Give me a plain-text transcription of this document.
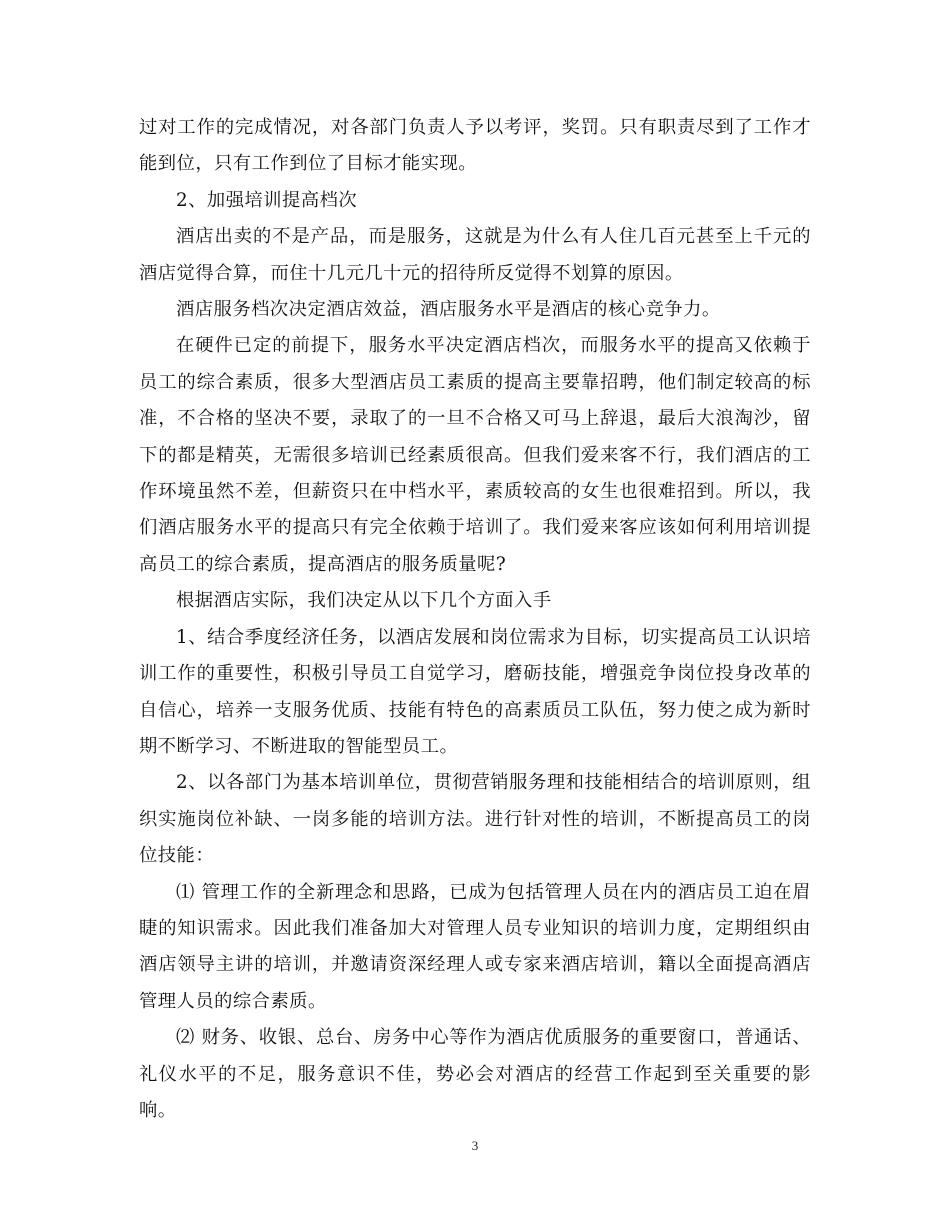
过对工作的完成情况，对各部门负责人予以考评，奖罚。只有职责尽到了工作才能到位，只有工作到位了目标才能实现。

2、加强培训提高档次

酒店出卖的不是产品，而是服务，这就是为什么有人住几百元甚至上千元的酒店觉得合算，而住十几元几十元的招待所反觉得不划算的原因。

酒店服务档次决定酒店效益，酒店服务水平是酒店的核心竞争力。

在硬件已定的前提下，服务水平决定酒店档次，而服务水平的提高又依赖于员工的综合素质，很多大型酒店员工素质的提高主要靠招聘，他们制定较高的标准，不合格的坚决不要，录取了的一旦不合格又可马上辞退，最后大浪淘沙，留下的都是精英，无需很多培训已经素质很高。但我们爱来客不行，我们酒店的工作环境虽然不差，但薪资只在中档水平，素质较高的女生也很难招到。所以，我们酒店服务水平的提高只有完全依赖于培训了。我们爱来客应该如何利用培训提高员工的综合素质，提高酒店的服务质量呢?

根据酒店实际，我们决定从以下几个方面入手

1、结合季度经济任务，以酒店发展和岗位需求为目标，切实提高员工认识培训工作的重要性，积极引导员工自觉学习，磨砺技能，增强竞争岗位投身改革的自信心，培养一支服务优质、技能有特色的高素质员工队伍，努力使之成为新时期不断学习、不断进取的智能型员工。

2、以各部门为基本培训单位，贯彻营销服务理和技能相结合的培训原则，组织实施岗位补缺、一岗多能的培训方法。进行针对性的培训，不断提高员工的岗位技能：

⑴ 管理工作的全新理念和思路，已成为包括管理人员在内的酒店员工迫在眉睫的知识需求。因此我们准备加大对管理人员专业知识的培训力度，定期组织由酒店领导主讲的培训，并邀请资深经理人或专家来酒店培训，籍以全面提高酒店管理人员的综合素质。

⑵ 财务、收银、总台、房务中心等作为酒店优质服务的重要窗口，普通话、礼仪水平的不足，服务意识不佳，势必会对酒店的经营工作起到至关重要的影响。

3
